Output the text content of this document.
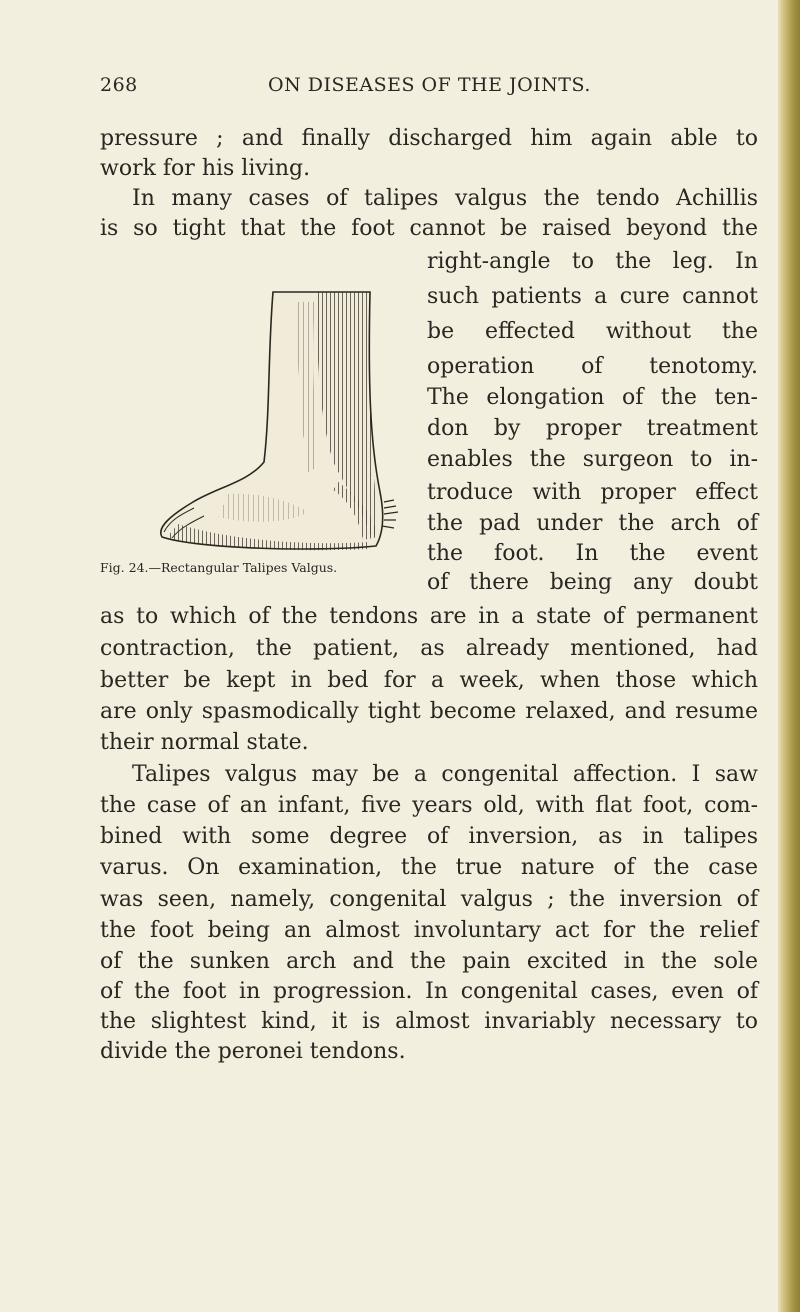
268	ON DISEASES OF THE JOINTS.
pressure ; and finally discharged him again able to
work for his living.
In many cases of talipes valgus the tendo Achillis
is so tight that the foot cannot be raised beyond the
right-angle to the leg. In
such patients a cure cannot
be effected without the
operation of tenotomy.
The elongation of the ten-
don by proper treatment
enables the surgeon to in-
troduce with proper effect
the pad under the arch of
the foot. In the event
of there being any doubt
as to which of the tendons are in a state of permanent
contraction, the patient, as already mentioned, had
better be kept in bed for a week, when those which
are only spasmodically tight become relaxed, and resume
their normal state.
Talipes valgus may be a congenital affection. I saw
the case of an infant, five years old, with flat foot, com-
bined with some degree of inversion, as in talipes
varus. On examination, the true nature of the case
was seen, namely, congenital valgus ; the inversion of
the foot being an almost involuntary act for the relief
of the sunken arch and the pain excited in the sole
of the foot in progression. In congenital cases, even of
the slightest kind, it is almost invariably necessary to
divide the peronei tendons.
Fig. 24.—Rectangular Talipes Valgus.
